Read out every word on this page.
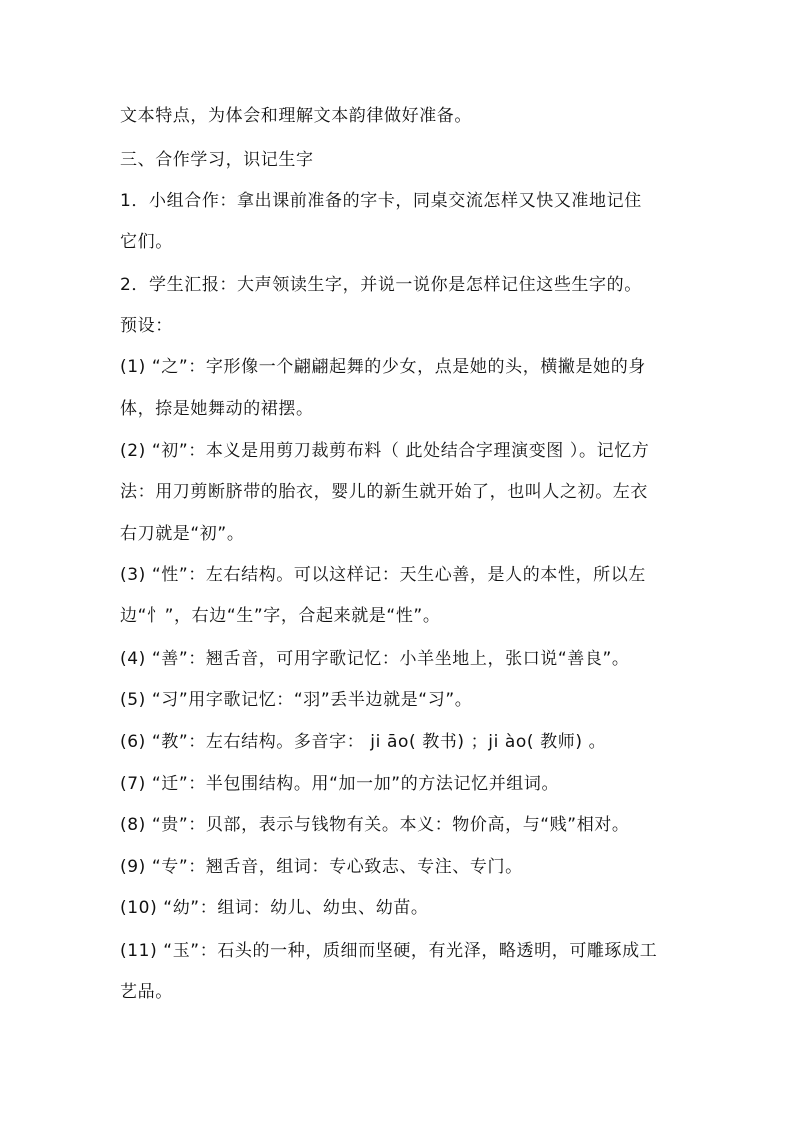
文本特点，为体会和理解文本韵律做好准备。
三、合作学习，识记生字
1．小组合作：拿出课前准备的字卡，同桌交流怎样又快又准地记住
它们。
2．学生汇报：大声领读生字，并说一说你是怎样记住这些生字的。
预设：
(1) “之”：字形像一个翩翩起舞的少女，点是她的头，横撇是她的身
体，捺是她舞动的裙摆。
(2) “初”：本义是用剪刀裁剪布料（ 此处结合字理演变图 ）。记忆方
法：用刀剪断脐带的胎衣，婴儿的新生就开始了，也叫人之初。左衣
右刀就是“初”。
(3) “性”：左右结构。可以这样记：天生心善，是人的本性，所以左
边“忄”，右边“生”字，合起来就是“性”。
(4) “善”：翘舌音，可用字歌记忆：小羊坐地上，张口说“善良”。
(5) “习”用字歌记忆：“羽”丢半边就是“习”。
(6) “教”：左右结构。多音字： ji āo( 教书) ；ji ào( 教师) 。
(7) “迁”：半包围结构。用“加一加”的方法记忆并组词。
(8) “贵”：贝部，表示与钱物有关。本义：物价高，与“贱”相对。
(9) “专”：翘舌音，组词：专心致志、专注、专门。
(10) “幼”：组词：幼儿、幼虫、幼苗。
(11) “玉”：石头的一种，质细而坚硬，有光泽，略透明，可雕琢成工
艺品。
